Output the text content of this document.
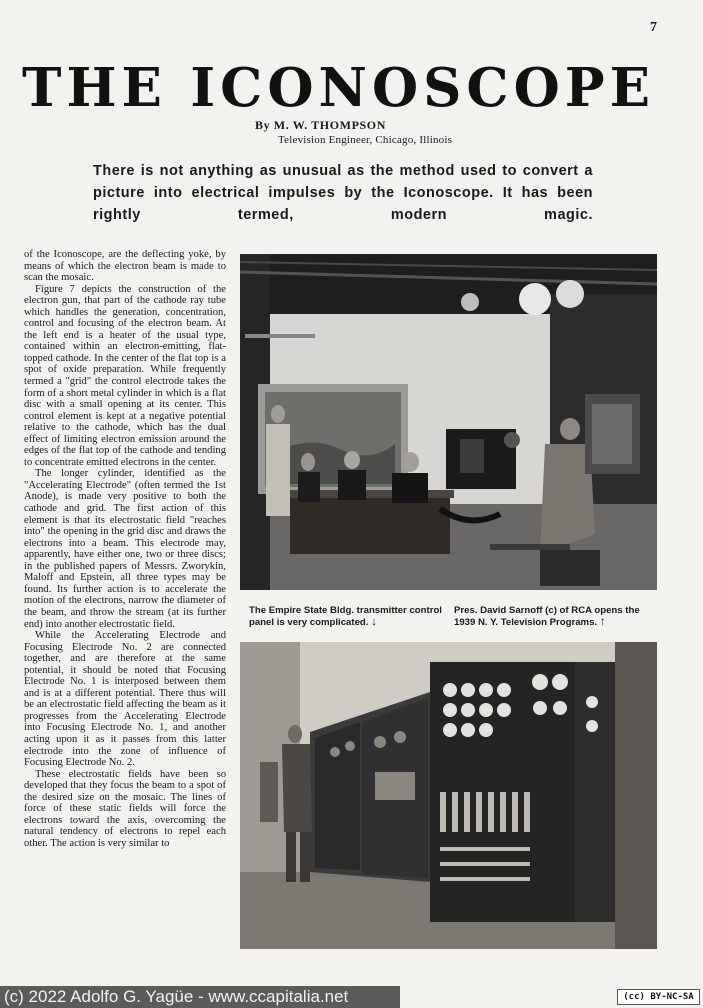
7
THE ICONOSCOPE
By M. W. THOMPSON
Television Engineer, Chicago, Illinois
There is not anything as unusual as the method used to convert a picture into electrical impulses by the Iconoscope. It has been rightly termed, modern magic.

of the Iconoscope, are the deflecting yoke, by means of which the electron beam is made to scan the mosaic.

Figure 7 depicts the construction of the electron gun, that part of the cathode ray tube which handles the generation, concentration, control and focusing of the electron beam. At the left end is a heater of the usual type, contained within an electron-emitting, flat-topped cathode. In the center of the flat top is a spot of oxide preparation. While frequently termed a "grid" the control electrode takes the form of a short metal cylinder in which is a flat disc with a small opening at its center. This control element is kept at a negative potential relative to the cathode, which has the dual effect of limiting electron emission around the edges of the flat top of the cathode and tending to concentrate emitted electrons in the center.

The longer cylinder, identified as the "Accelerating Electrode" (often termed the 1st Anode), is made very positive to both the cathode and grid. The first action of this element is that its electrostatic field "reaches into" the opening in the grid disc and draws the electrons into a beam. This electrode may, apparently, have either one, two or three discs; in the published papers of Messrs. Zworykin, Maloff and Epstein, all three types may be found. Its further action is to accelerate the motion of the electrons, narrow the diameter of the beam, and throw the stream (at its further end) into another electrostatic field.

While the Accelerating Electrode and Focusing Electrode No. 2 are connected together, and are therefore at the same potential, it should be noted that Focusing Electrode No. 1 is interposed between them and is at a different potential. There thus will be an electrostatic field affecting the beam as it progresses from the Accelerating Electrode into Focusing Electrode No. 1, and another acting upon it as it passes from this latter electrode into the zone of influence of Focusing Electrode No. 2.

These electrostatic fields have been so developed that they focus the beam to a spot of the desired size on the mosaic. The lines of force of these static fields will force the electrons toward the axis, overcoming the natural tendency of electrons to repel each other. The action is very similar to

The Empire State Bldg. transmitter control panel is very complicated. ↓
Pres. David Sarnoff (c) of RCA opens the 1939 N. Y. Television Programs. ↑
(c) 2022 Adolfo G. Yagüe - www.ccapitalia.net	(cc) BY-NC-SA
